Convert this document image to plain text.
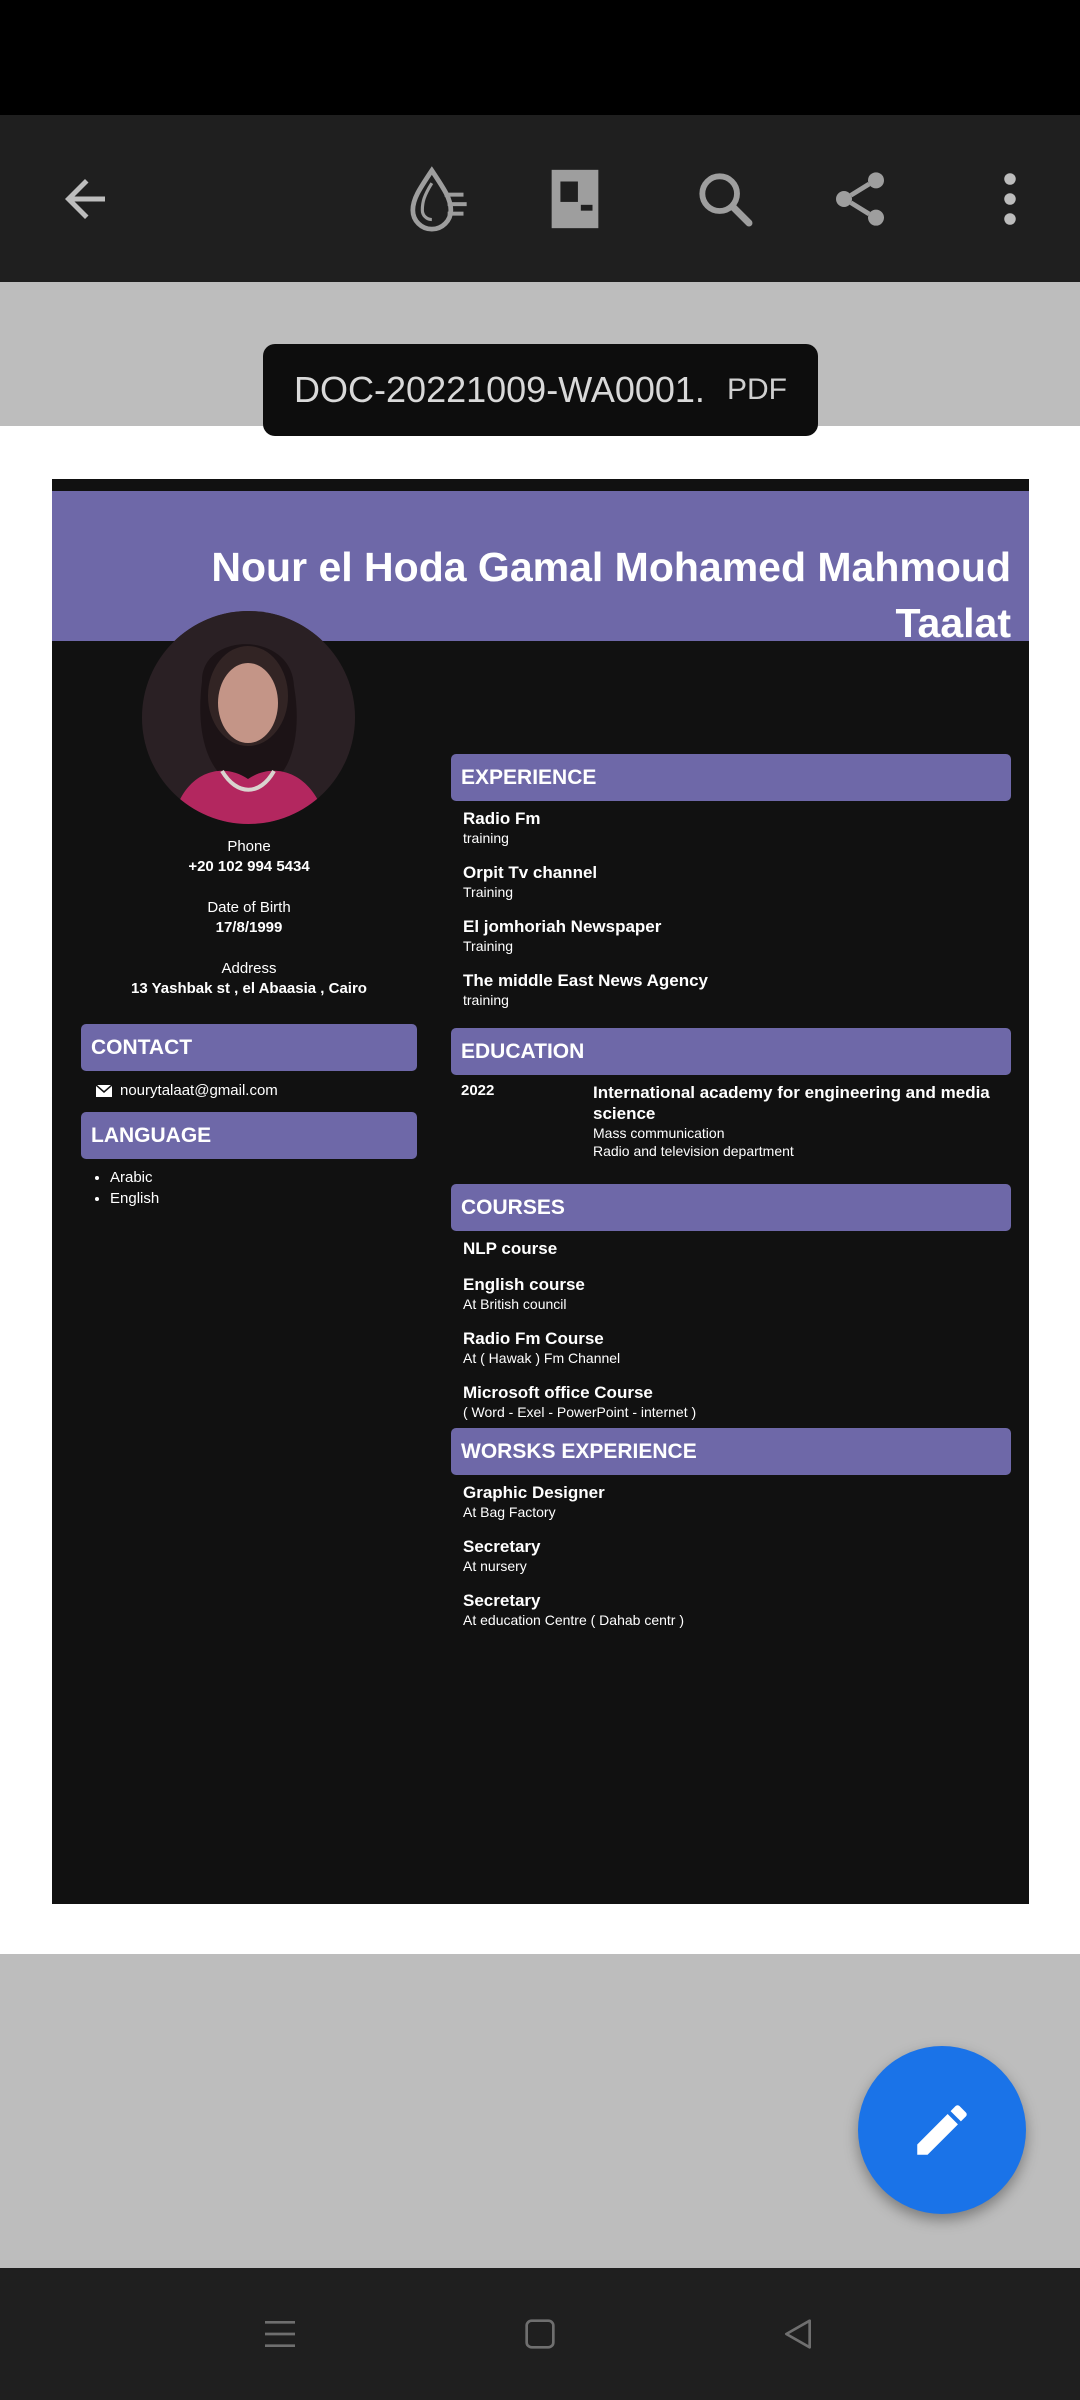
DOC-20221009-WA0001. PDF
Nour el Hoda Gamal Mohamed Mahmoud Taalat
Phone
+20 102 994 5434
Date of Birth
17/8/1999
Address
13 Yashbak st , el Abaasia , Cairo
CONTACT
nourytalaat@gmail.com
LANGUAGE
• Arabic
• English
EXPERIENCE
Radio Fm
training
Orpit Tv channel
Training
El jomhoriah Newspaper
Training
The middle East News Agency
training
EDUCATION
2022	International academy for engineering and media science
Mass communication
Radio and television department
COURSES
NLP course
English course
At British council
Radio Fm Course
At ( Hawak ) Fm Channel
Microsoft office Course
( Word - Exel - PowerPoint - internet )
WORSKS EXPERIENCE
Graphic Designer
At Bag Factory
Secretary
At nursery
Secretary
At education Centre ( Dahab centr )
